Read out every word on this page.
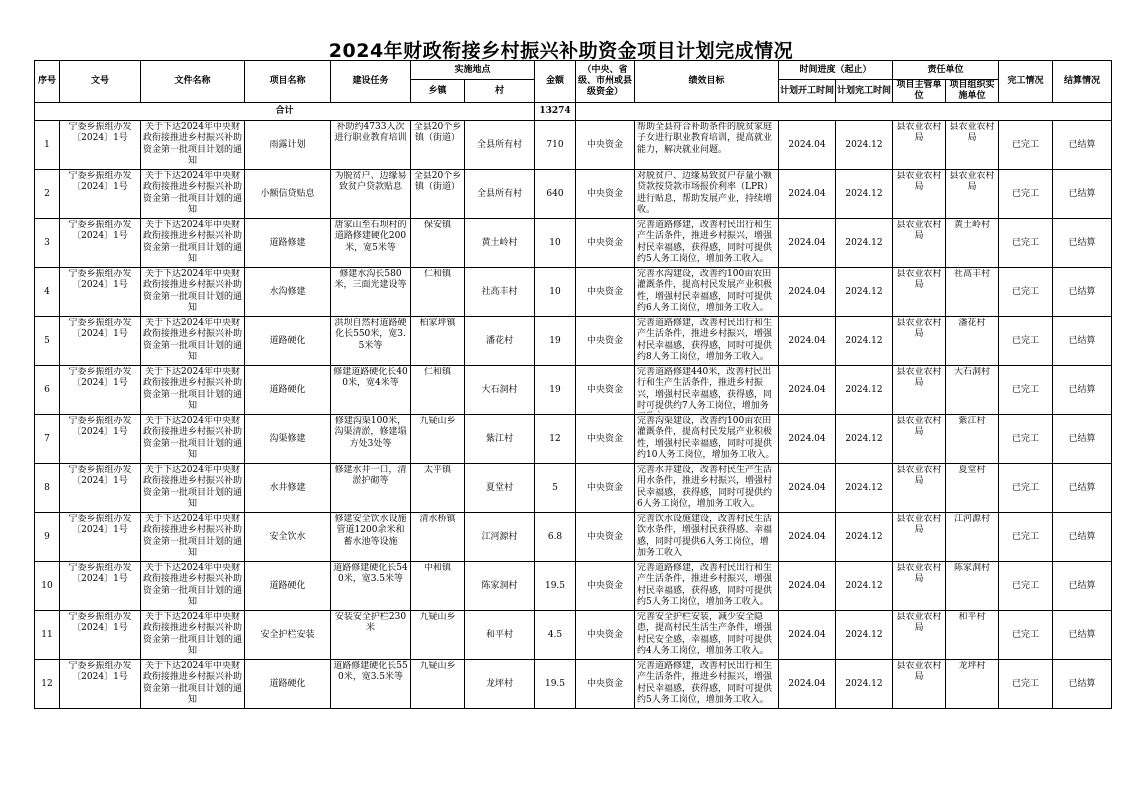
2024年财政衔接乡村振兴补助资金项目计划完成情况
序号	文号	文件名称	项目名称	建设任务	实施地点		金额	（中央、省级、市州或县级资金）	绩效目标	时间进度（起止）		责任单位		完工情况	结算情况
					乡镇	村				计划开工时间	计划完工时间	项目主管单位	项目组织实施单位		
合计							13274								
1	宁委乡振组办发〔2024〕1号	关于下达2024年中央财政衔接推进乡村振兴补助资金第一批项目计划的通知	雨露计划	补助约4733人次进行职业教育培训	全县20个乡镇（街道）	全县所有村	710	中央资金	帮助全县符合补助条件的脱贫家庭子女进行职业教育培训，提高就业能力，解决就业问题。	2024.04	2024.12	县农业农村局	县农业农村局	已完工	已结算
2	宁委乡振组办发〔2024〕1号	关于下达2024年中央财政衔接推进乡村振兴补助资金第一批项目计划的通知	小额信贷贴息	为脱贫户、边缘易致贫户贷款贴息	全县20个乡镇（街道）	全县所有村	640	中央资金	对脱贫户、边缘易致贫户存量小额贷款按贷款市场报价利率（LPR）进行贴息，帮助发展产业，持续增收。	2024.04	2024.12	县农业农村局	县农业农村局	已完工	已结算
3	宁委乡振组办发〔2024〕1号	关于下达2024年中央财政衔接推进乡村振兴补助资金第一批项目计划的通知	道路修建	唐家山至石坝村的道路修建硬化200米，宽5米等	保安镇	黄土岭村	10	中央资金	完善道路修建，改善村民出行和生产生活条件，推进乡村振兴，增强村民幸福感，获得感，同时可提供约5人务工岗位，增加务工收入。	2024.04	2024.12	县农业农村局	黄土岭村	已完工	已结算
4	宁委乡振组办发〔2024〕1号	关于下达2024年中央财政衔接推进乡村振兴补助资金第一批项目计划的通知	水沟修建	修建水沟长580米，三面光建设等	仁和镇	社高丰村	10	中央资金	完善水沟建设，改善约100亩农田灌溉条件，提高村民发展产业积极性，增强村民幸福感，同时可提供约6人务工岗位，增加务工收入。	2024.04	2024.12	县农业农村局	社高丰村	已完工	已结算
5	宁委乡振组办发〔2024〕1号	关于下达2024年中央财政衔接推进乡村振兴补助资金第一批项目计划的通知	道路硬化	洪坝自然村道路硬化长550米，宽3.5米等	柏家坪镇	潘花村	19	中央资金	完善道路修建，改善村民出行和生产生活条件，推进乡村振兴，增强村民幸福感，获得感，同时可提供约8人务工岗位，增加务工收入。	2024.04	2024.12	县农业农村局	潘花村	已完工	已结算
6	宁委乡振组办发〔2024〕1号	关于下达2024年中央财政衔接推进乡村振兴补助资金第一批项目计划的通知	道路硬化	修建道路硬化长400米，宽4米等	仁和镇	大石洞村	19	中央资金	完善道路修建440米，改善村民出行和生产生活条件，推进乡村振兴，增强村民幸福感，获得感，同时可提供约7人务工岗位，增加务	2024.04	2024.12	县农业农村局	大石洞村	已完工	已结算
7	宁委乡振组办发〔2024〕1号	关于下达2024年中央财政衔接推进乡村振兴补助资金第一批项目计划的通知	沟渠修建	修建沟渠100米，沟渠清淤，修建塌方处3处等	九疑山乡	紫江村	12	中央资金	完善沟渠建设，改善约100亩农田灌溉条件，提高村民发展产业积极性，增强村民幸福感，同时可提供约10人务工岗位，增加务工收入。	2024.04	2024.12	县农业农村局	紫江村	已完工	已结算
8	宁委乡振组办发〔2024〕1号	关于下达2024年中央财政衔接推进乡村振兴补助资金第一批项目计划的通知	水井修建	修建水井一口，清淤护砌等	太平镇	夏堂村	5	中央资金	完善水井建设，改善村民生产生活用水条件，推进乡村振兴，增强村民幸福感，获得感，同时可提供约6人务工岗位，增加务工收入。	2024.04	2024.12	县农业农村局	夏堂村	已完工	已结算
9	宁委乡振组办发〔2024〕1号	关于下达2024年中央财政衔接推进乡村振兴补助资金第一批项目计划的通知	安全饮水	修建安全饮水设施管道1200余米和蓄水池等设施	清水桥镇	江河源村	6.8	中央资金	完善饮水设施建设，改善村民生活饮水条件，增强村民获得感、幸福感，同时可提供6人务工岗位，增加务工收入	2024.04	2024.12	县农业农村局	江河源村	已完工	已结算
10	宁委乡振组办发〔2024〕1号	关于下达2024年中央财政衔接推进乡村振兴补助资金第一批项目计划的通知	道路硬化	道路修建硬化长540米，宽3.5米等	中和镇	陈家洞村	19.5	中央资金	完善道路修建，改善村民出行和生产生活条件，推进乡村振兴，增强村民幸福感，获得感，同时可提供约5人务工岗位，增加务工收入。	2024.04	2024.12	县农业农村局	陈家洞村	已完工	已结算
11	宁委乡振组办发〔2024〕1号	关于下达2024年中央财政衔接推进乡村振兴补助资金第一批项目计划的通知	安全护栏安装	安装安全护栏230米	九疑山乡	和平村	4.5	中央资金	完善安全护栏安装，减少安全隐患，提高村民生活生产条件，增强村民安全感，幸福感，同时可提供约4人务工岗位，增加务工收入。	2024.04	2024.12	县农业农村局	和平村	已完工	已结算
12	宁委乡振组办发〔2024〕1号	关于下达2024年中央财政衔接推进乡村振兴补助资金第一批项目计划的通知	道路硬化	道路修建硬化长550米，宽3.5米等	九疑山乡	龙坪村	19.5	中央资金	完善道路修建，改善村民出行和生产生活条件，推进乡村振兴，增强村民幸福感，获得感，同时可提供约5人务工岗位，增加务工收入。	2024.04	2024.12	县农业农村局	龙坪村	已完工	已结算
